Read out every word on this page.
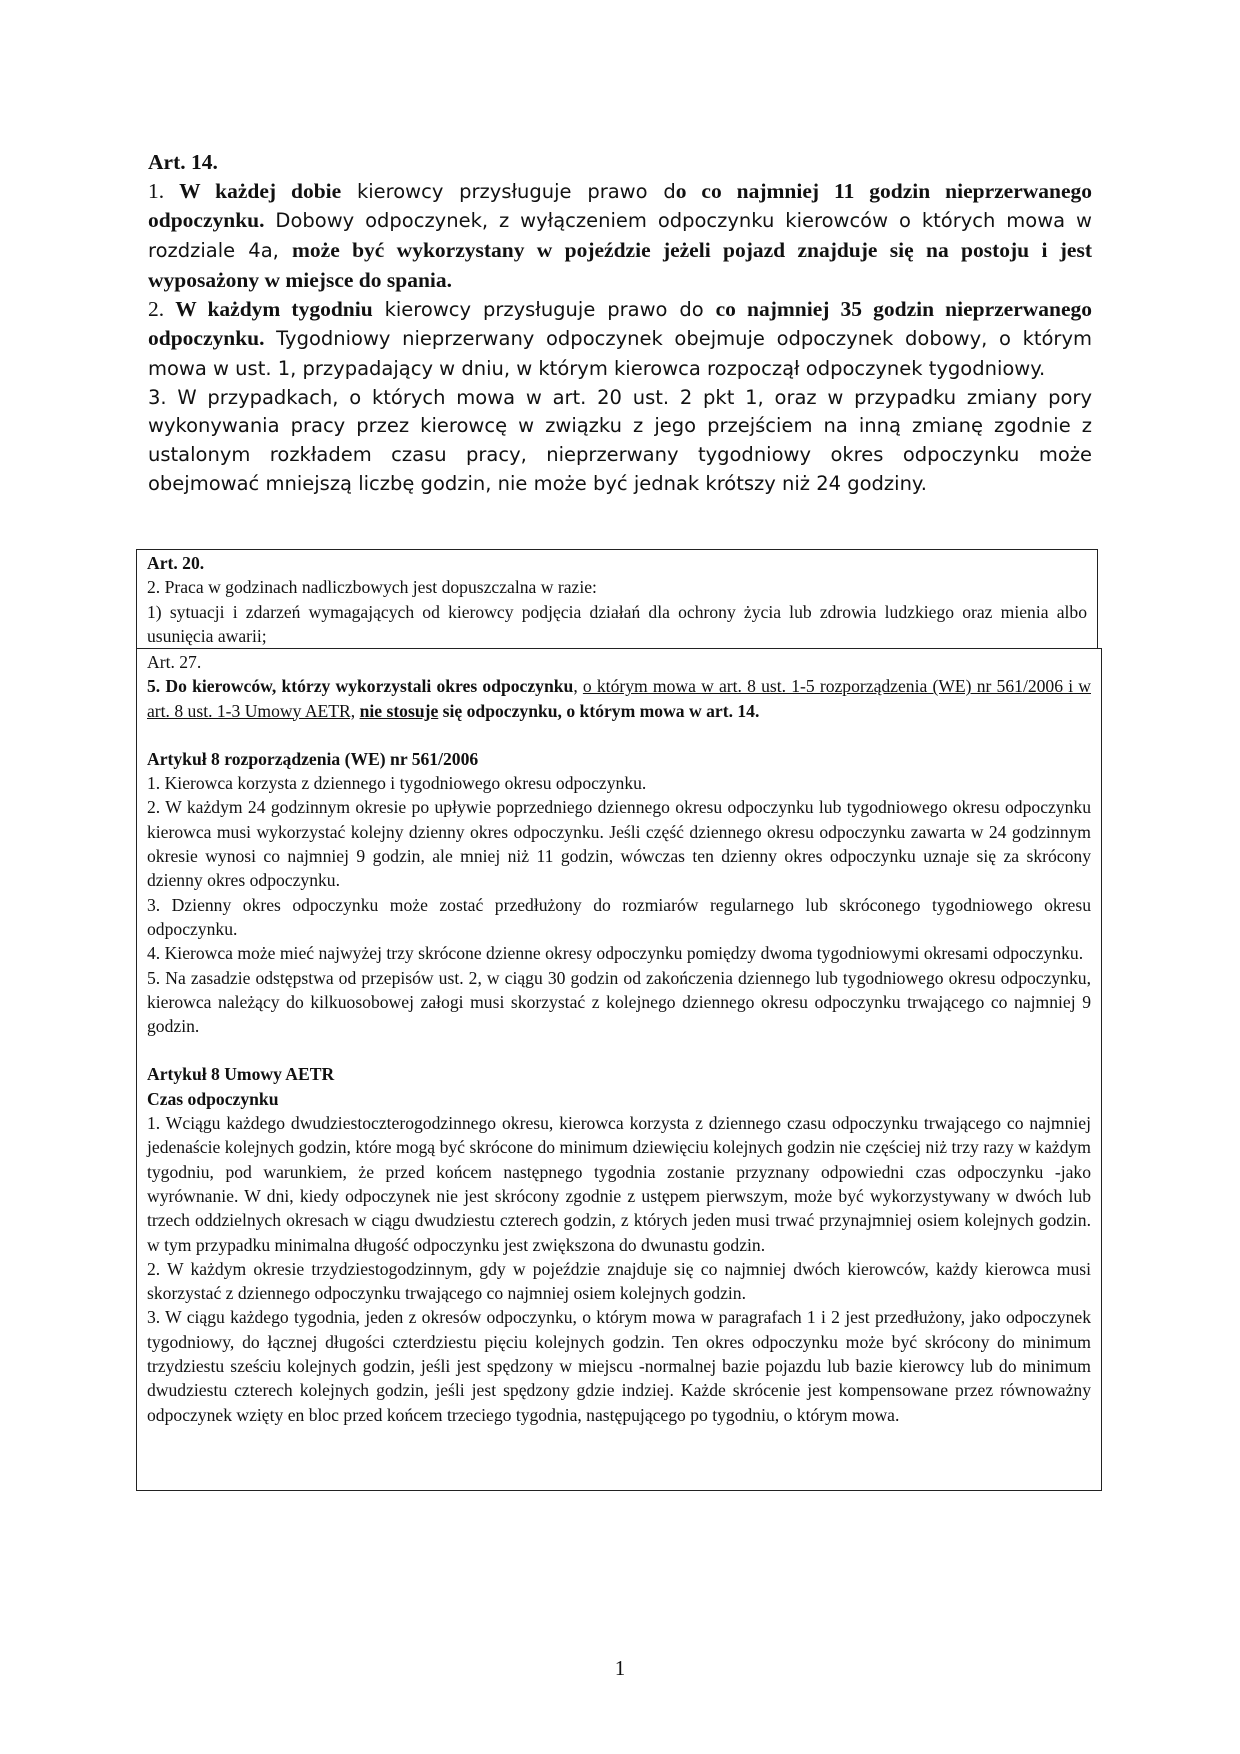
Art. 14.

1. W każdej dobie kierowcy przysługuje prawo do co najmniej 11 godzin nieprzerwanego odpoczynku. Dobowy odpoczynek, z wyłączeniem odpoczynku kierowców o których mowa w rozdziale 4a, może być wykorzystany w pojeździe jeżeli pojazd znajduje się na postoju i jest wyposażony w miejsce do spania.

2. W każdym tygodniu kierowcy przysługuje prawo do co najmniej 35 godzin nieprzerwanego odpoczynku. Tygodniowy nieprzerwany odpoczynek obejmuje odpoczynek dobowy, o którym mowa w ust. 1, przypadający w dniu, w którym kierowca rozpoczął odpoczynek tygodniowy.

3. W przypadkach, o których mowa w art. 20 ust. 2 pkt 1, oraz w przypadku zmiany pory wykonywania pracy przez kierowcę w związku z jego przejściem na inną zmianę zgodnie z ustalonym rozkładem czasu pracy, nieprzerwany tygodniowy okres odpoczynku może obejmować mniejszą liczbę godzin, nie może być jednak krótszy niż 24 godziny.

Art. 20.

2. Praca w godzinach nadliczbowych jest dopuszczalna w razie:

1) sytuacji i zdarzeń wymagających od kierowcy podjęcia działań dla ochrony życia lub zdrowia ludzkiego oraz mienia albo usunięcia awarii;

Art. 27.

5. Do kierowców, którzy wykorzystali okres odpoczynku, o którym mowa w art. 8 ust. 1-5 rozporządzenia (WE) nr 561/2006 i w art. 8 ust. 1-3 Umowy AETR, nie stosuje się odpoczynku, o którym mowa w art. 14.

Artykuł 8 rozporządzenia (WE) nr 561/2006

1. Kierowca korzysta z dziennego i tygodniowego okresu odpoczynku.

2. W każdym 24 godzinnym okresie po upływie poprzedniego dziennego okresu odpoczynku lub tygodniowego okresu odpoczynku kierowca musi wykorzystać kolejny dzienny okres odpoczynku. Jeśli część dziennego okresu odpoczynku zawarta w 24 godzinnym okresie wynosi co najmniej 9 godzin, ale mniej niż 11 godzin, wówczas ten dzienny okres odpoczynku uznaje się za skrócony dzienny okres odpoczynku.

3. Dzienny okres odpoczynku może zostać przedłużony do rozmiarów regularnego lub skróconego tygodniowego okresu odpoczynku.

4. Kierowca może mieć najwyżej trzy skrócone dzienne okresy odpoczynku pomiędzy dwoma tygodniowymi okresami odpoczynku.

5. Na zasadzie odstępstwa od przepisów ust. 2, w ciągu 30 godzin od zakończenia dziennego lub tygodniowego okresu odpoczynku, kierowca należący do kilkuosobowej załogi musi skorzystać z kolejnego dziennego okresu odpoczynku trwającego co najmniej 9 godzin.

Artykuł 8 Umowy AETR

Czas odpoczynku

1. Wciągu każdego dwudziestoczterogodzinnego okresu, kierowca korzysta z dziennego czasu odpoczynku trwającego co najmniej jedenaście kolejnych godzin, które mogą być skrócone do minimum dziewięciu kolejnych godzin nie częściej niż trzy razy w każdym tygodniu, pod warunkiem, że przed końcem następnego tygodnia zostanie przyznany odpowiedni czas odpoczynku -jako wyrównanie. W dni, kiedy odpoczynek nie jest skrócony zgodnie z ustępem pierwszym, może być wykorzystywany w dwóch lub trzech oddzielnych okresach w ciągu dwudziestu czterech godzin, z których jeden musi trwać przynajmniej osiem kolejnych godzin. w tym przypadku minimalna długość odpoczynku jest zwiększona do dwunastu godzin.

2. W każdym okresie trzydziestogodzinnym, gdy w pojeździe znajduje się co najmniej dwóch kierowców, każdy kierowca musi skorzystać z dziennego odpoczynku trwającego co najmniej osiem kolejnych godzin.

3. W ciągu każdego tygodnia, jeden z okresów odpoczynku, o którym mowa w paragrafach 1 i 2 jest przedłużony, jako odpoczynek tygodniowy, do łącznej długości czterdziestu pięciu kolejnych godzin. Ten okres odpoczynku może być skrócony do minimum trzydziestu sześciu kolejnych godzin, jeśli jest spędzony w miejscu -normalnej bazie pojazdu lub bazie kierowcy lub do minimum dwudziestu czterech kolejnych godzin, jeśli jest spędzony gdzie indziej. Każde skrócenie jest kompensowane przez równoważny odpoczynek wzięty en bloc przed końcem trzeciego tygodnia, następującego po tygodniu, o którym mowa.

1
